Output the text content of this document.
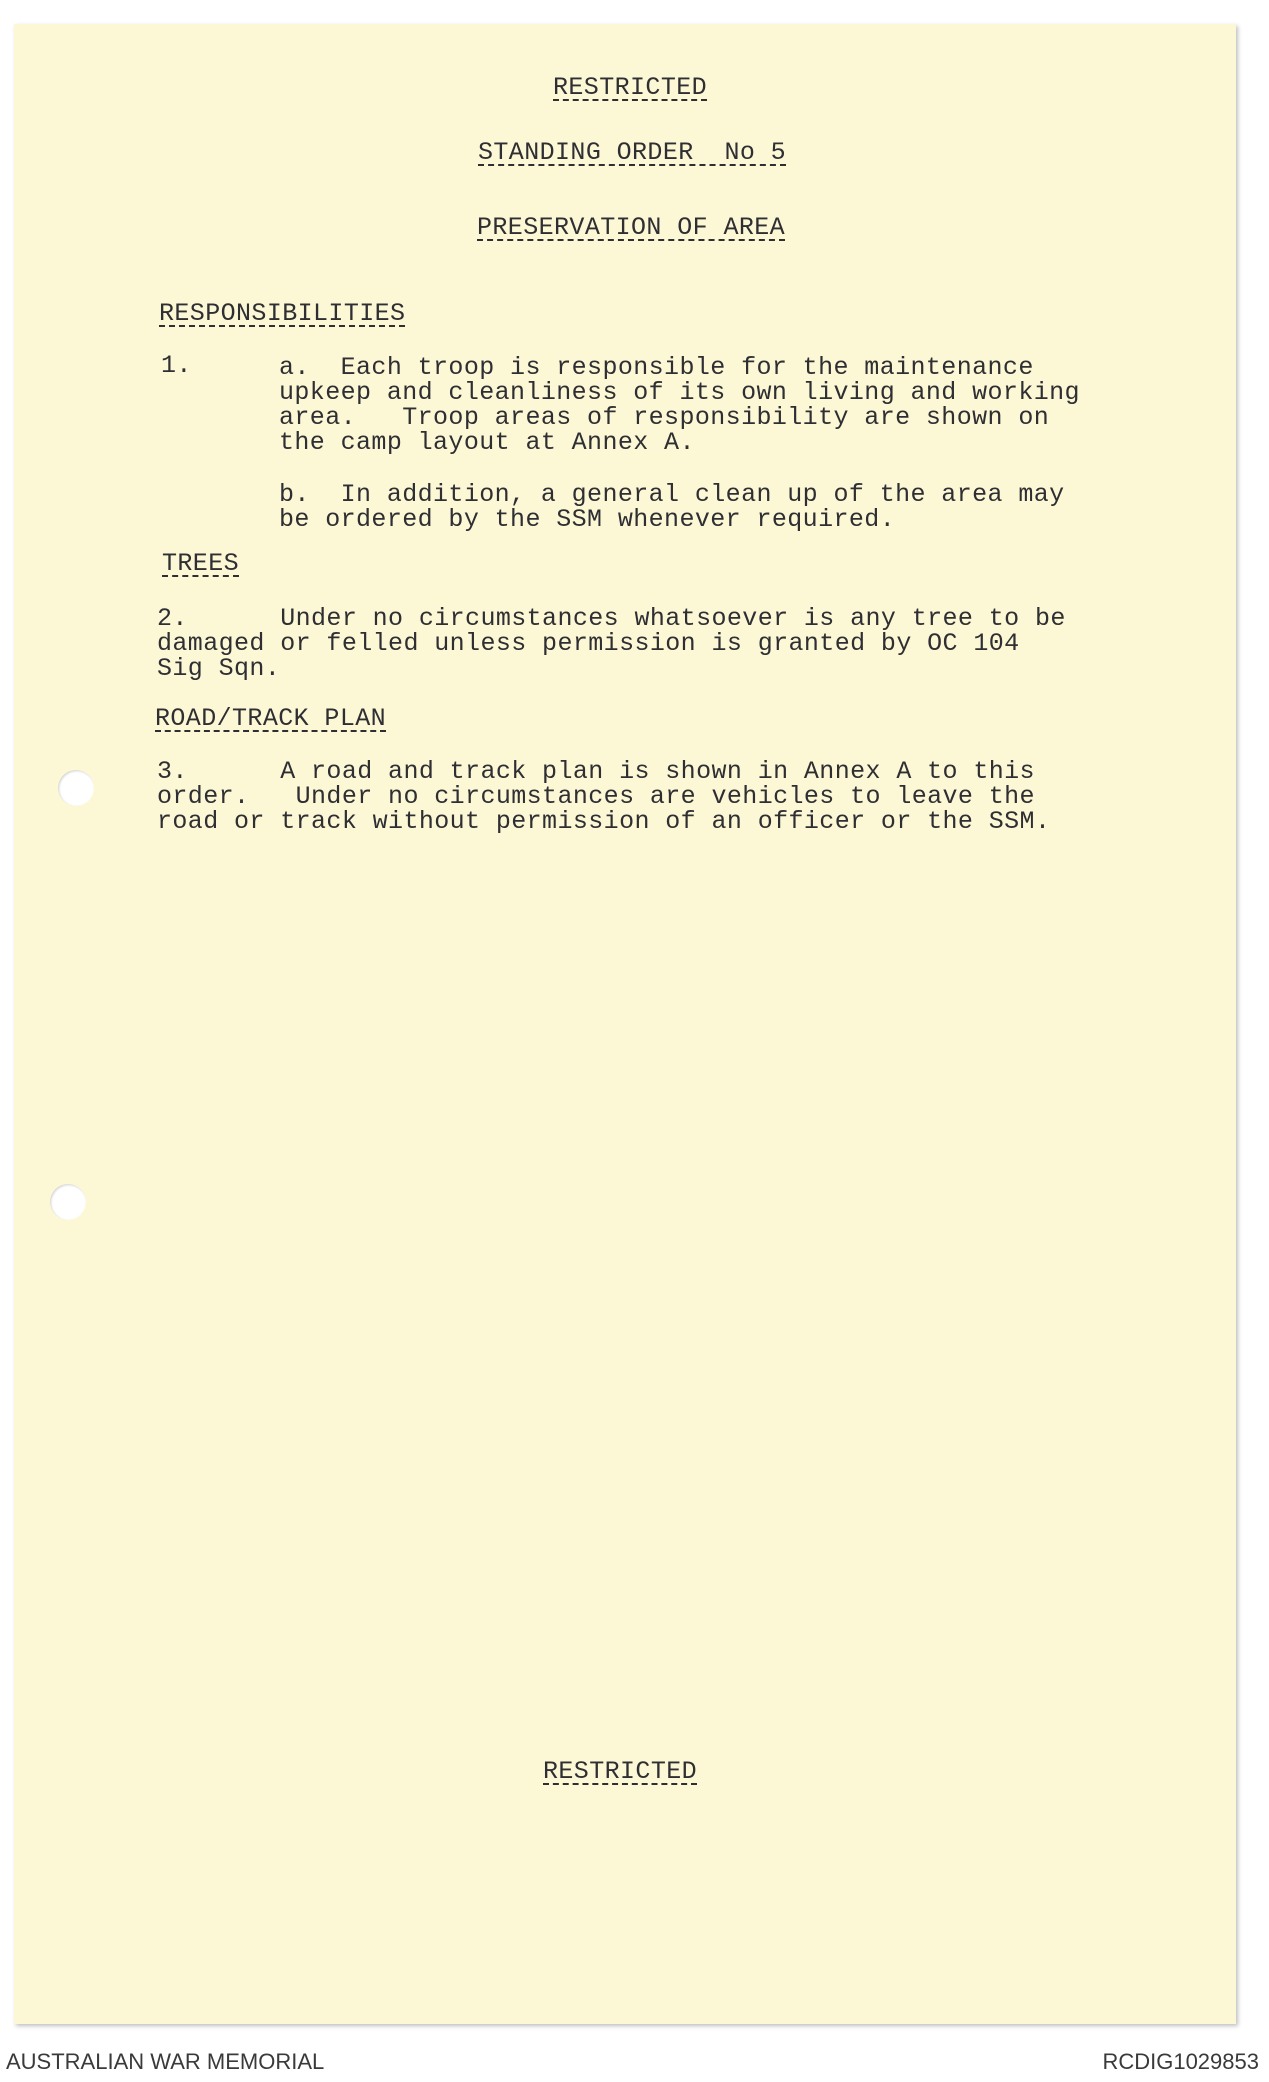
RESTRICTED
STANDING ORDER  No 5
PRESERVATION OF AREA
RESPONSIBILITIES
1.	a.  Each troop is responsible for the maintenance
upkeep and cleanliness of its own living and working
area.   Troop areas of responsibility are shown on
the camp layout at Annex A.
b.  In addition, a general clean up of the area may
be ordered by the SSM whenever required.
TREES
2.      Under no circumstances whatsoever is any tree to be
damaged or felled unless permission is granted by OC 104
Sig Sqn.
ROAD/TRACK PLAN
3.      A road and track plan is shown in Annex A to this
order.   Under no circumstances are vehicles to leave the
road or track without permission of an officer or the SSM.
RESTRICTED
AUSTRALIAN WAR MEMORIAL	RCDIG1029853
